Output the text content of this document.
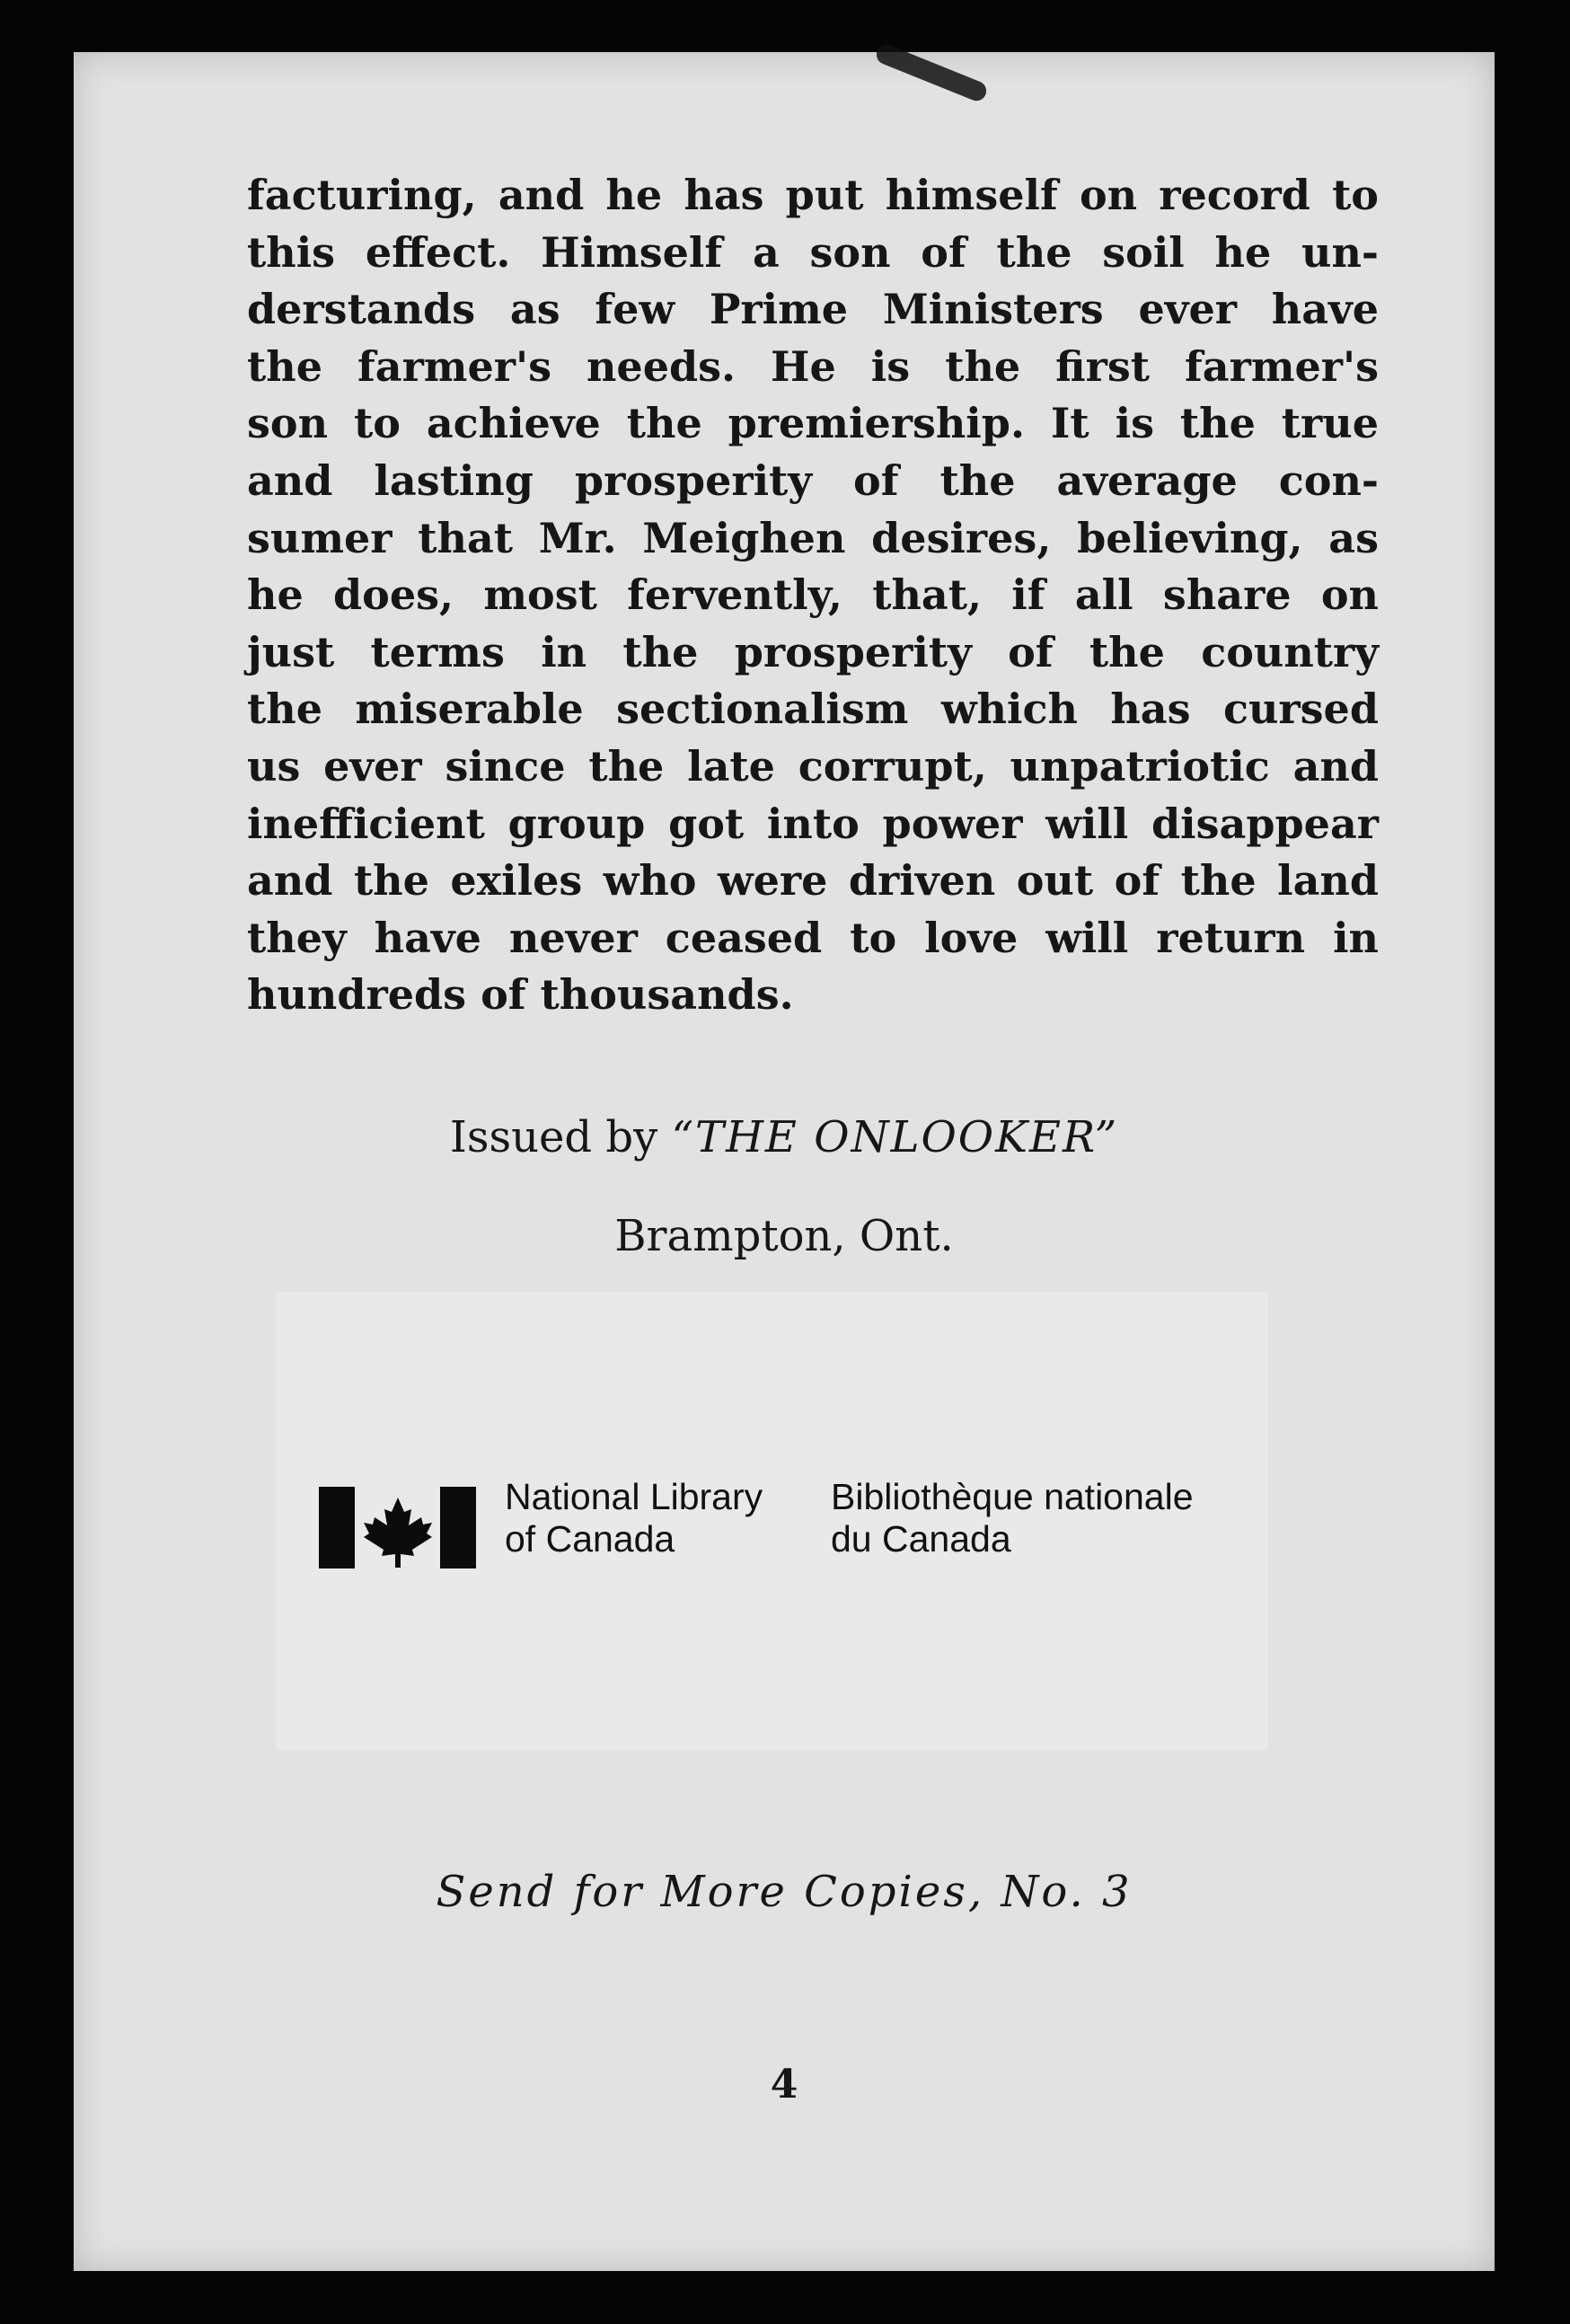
facturing, and he has put himself on record to
this effect. Himself a son of the soil he un-
derstands as few Prime Ministers ever have
the farmer's needs. He is the first farmer's
son to achieve the premiership. It is the true
and lasting prosperity of the average con-
sumer that Mr. Meighen desires, believing, as
he does, most fervently, that, if all share on
just terms in the prosperity of the country
the miserable sectionalism which has cursed
us ever since the late corrupt, unpatriotic and
inefficient group got into power will disappear
and the exiles who were driven out of the land
they have never ceased to love will return in
hundreds of thousands.
Issued by “THE ONLOOKER”
Brampton, Ont.
National Library
of Canada
Bibliothèque nationale
du Canada
Send for More Copies, No. 3
4
